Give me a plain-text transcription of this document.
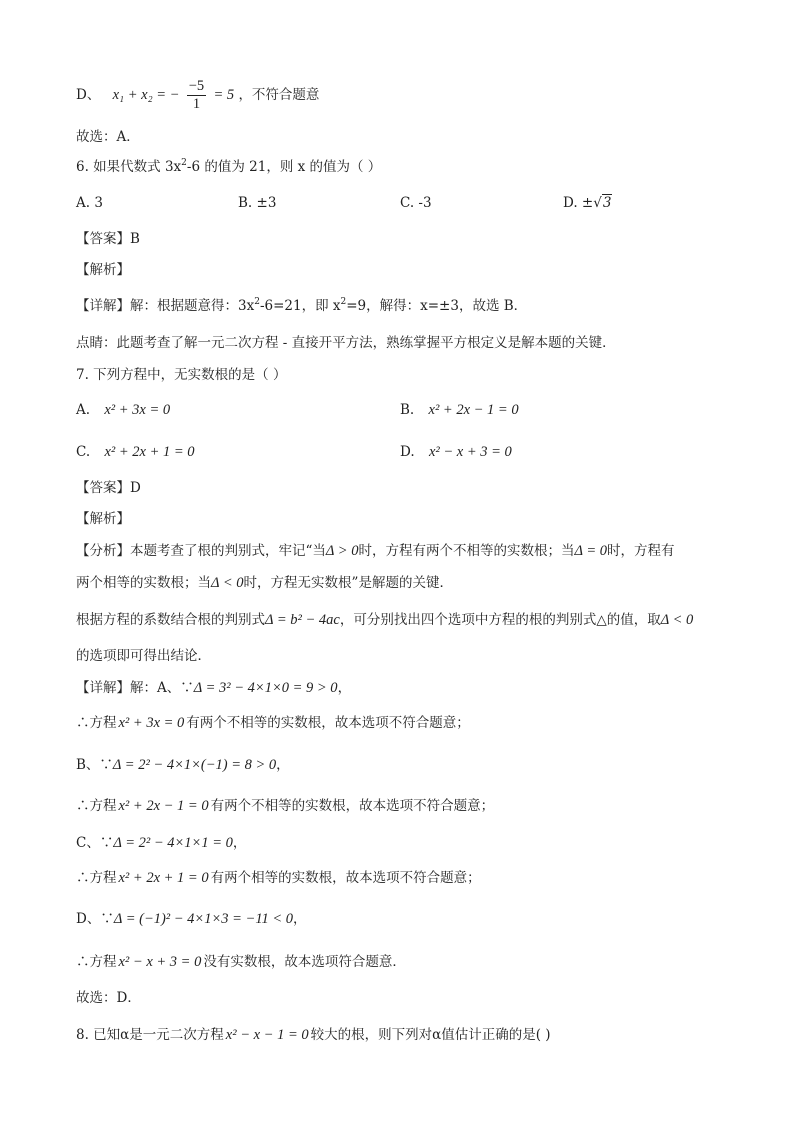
D、 x₁ + x₂ = − $\frac{-5}{1} = 5$ ，不符合题意
故选：A．
6. 如果代数式 $3x^2-6$ 的值为 21，则 x 的值为（ ）
A. 3	B. ±3	C. -3	D. ±√3
【答案】B
【解析】
【详解】解：根据题意得：$3x^2-6=21$，即 $x^2=9$，解得：x=±3，故选 B．
点睛：此题考查了解一元二次方程 - 直接开平方法，熟练掌握平方根定义是解本题的关键．
7. 下列方程中，无实数根的是（ ）
A. x² + 3x = 0	B. x² + 2x − 1 = 0
C. x² + 2x + 1 = 0	D. x² − x + 3 = 0
【答案】D
【解析】
【分析】本题考查了根的判别式，牢记“当Δ > 0时，方程有两个不相等的实数根；当Δ = 0时，方程有
两个相等的实数根；当Δ < 0时，方程无实数根”是解题的关键．
根据方程的系数结合根的判别式Δ = b² − 4ac，可分别找出四个选项中方程的根的判别式△的值，取Δ < 0
的选项即可得出结论．
【详解】解：A、∵Δ = 3² − 4×1×0 = 9 > 0，
∴方程 x² + 3x = 0 有两个不相等的实数根，故本选项不符合题意；
B、∵Δ = 2² − 4×1×(−1) = 8 > 0，
∴方程 x² + 2x − 1 = 0 有两个不相等的实数根，故本选项不符合题意；
C、∵Δ = 2² − 4×1×1 = 0，
∴方程 x² + 2x + 1 = 0 有两个相等的实数根，故本选项不符合题意；
D、∵Δ = (−1)² − 4×1×3 = −11 < 0，
∴方程 x² − x + 3 = 0 没有实数根，故本选项符合题意．
故选：D．
8. 已知α是一元二次方程 x² − x − 1 = 0 较大的根，则下列对α值估计正确的是( )
